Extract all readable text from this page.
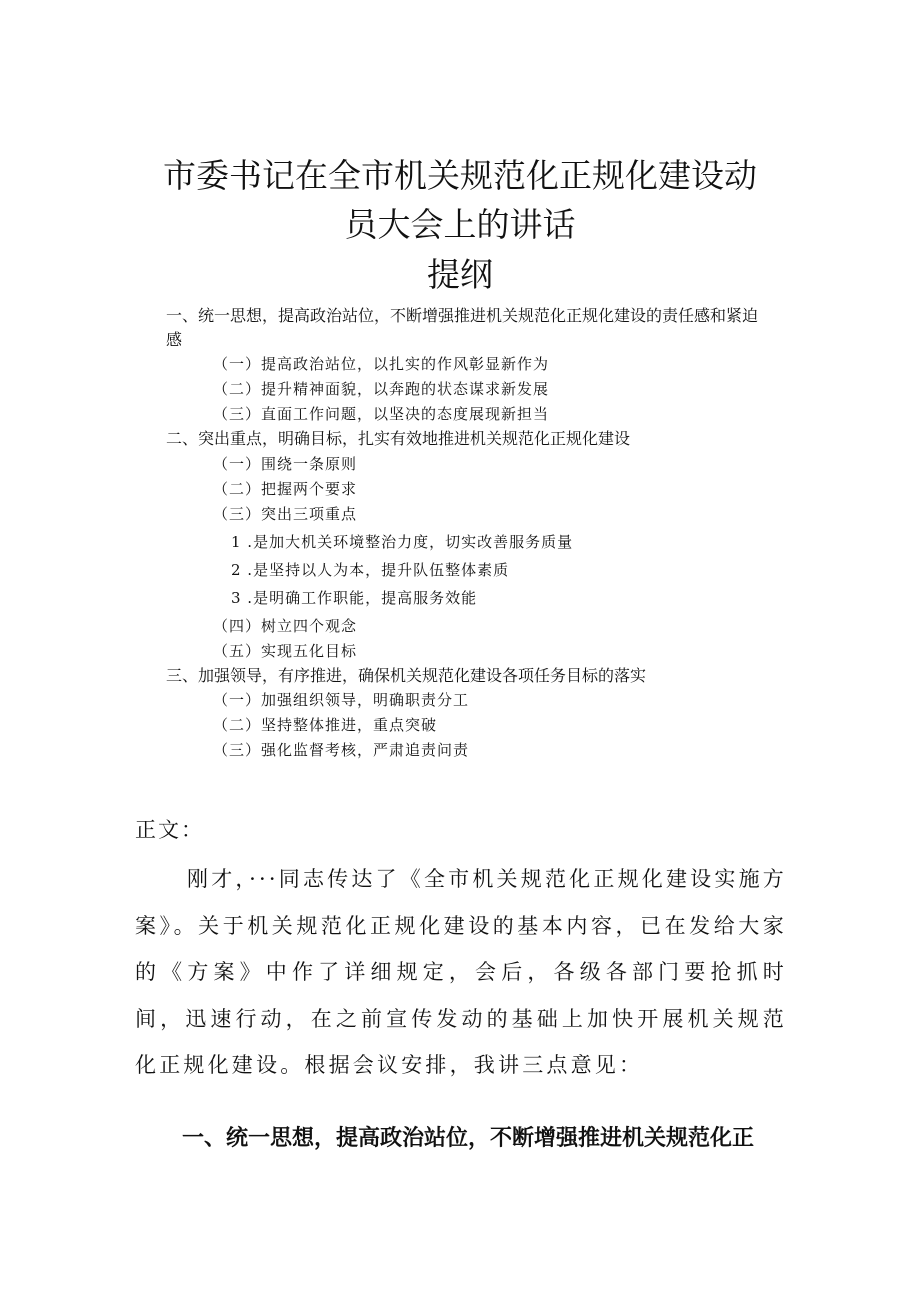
市委书记在全市机关规范化正规化建设动
员大会上的讲话
提纲

一、统一思想，提高政治站位，不断增强推进机关规范化正规化建设的责任感和紧迫

感

（一）提高政治站位，以扎实的作风彰显新作为

（二）提升精神面貌，以奔跑的状态谋求新发展

（三）直面工作问题，以坚决的态度展现新担当

二、突出重点，明确目标，扎实有效地推进机关规范化正规化建设

（一）围绕一条原则

（二）把握两个要求

（三）突出三项重点

1 .是加大机关环境整治力度，切实改善服务质量

2 .是坚持以人为本，提升队伍整体素质

3 .是明确工作职能，提高服务效能

（四）树立四个观念

（五）实现五化目标

三、加强领导，有序推进，确保机关规范化建设各项任务目标的落实

（一）加强组织领导，明确职责分工

（二）坚持整体推进，重点突破

（三）强化监督考核，严肃追责问责

正文：

刚才，···同志传达了《全市机关规范化正规化建设实施方案》。关于机关规范化正规化建设的基本内容，已在发给大家的《方案》中作了详细规定，会后，各级各部门要抢抓时间，迅速行动，在之前宣传发动的基础上加快开展机关规范化正规化建设。根据会议安排，我讲三点意见：

一、统一思想，提高政治站位，不断增强推进机关规范化正
